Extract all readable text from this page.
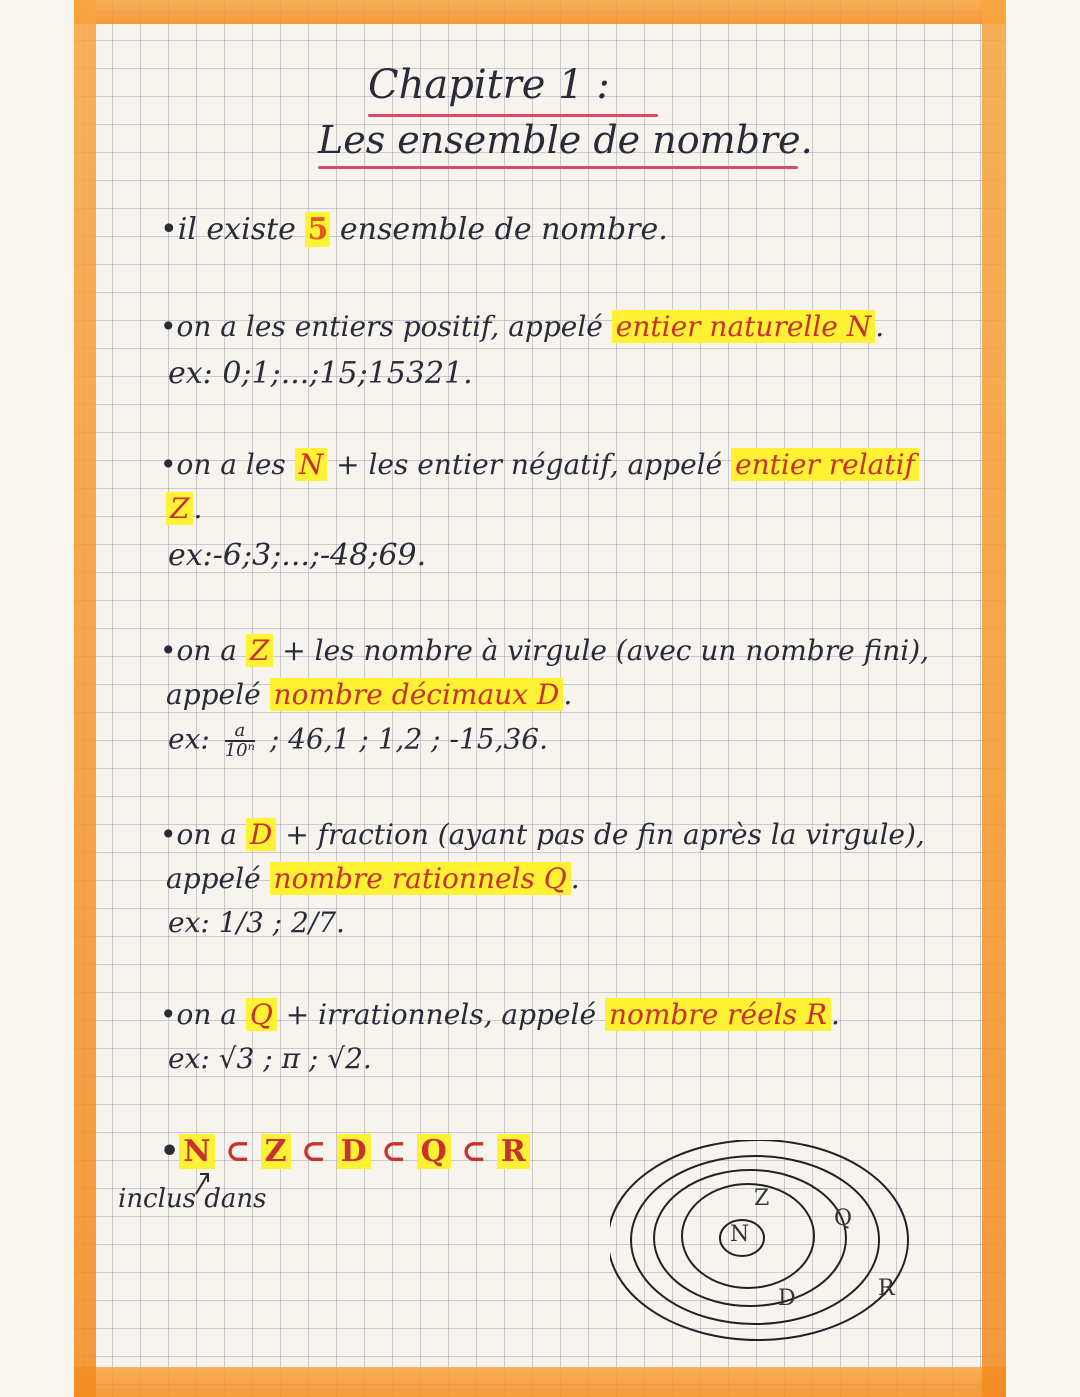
Chapitre 1 :
Les ensemble de nombre.
•il existe 5 ensemble de nombre.
•on a les entiers positif, appelé entier naturelle N .
ex: 0;1;...;15;15321.
•on a les N + les entier négatif, appelé entier relatif
Z .
ex:-6;3;...;-48;69.
•on a Z + les nombre à virgule (avec un nombre fini),
appelé nombre décimaux D .
ex: $\frac{a}{\text{10ⁿ}}$ ; 46,1 ; 1,2 ; -15,36.
•on a D + fraction (ayant pas de fin après la virgule),
appelé nombre rationnels Q .
ex: 1/3 ; 2/7.
•on a Q + irrationnels, appelé nombre réels R .
ex: √3 ; π ; √2.
• N ⊂ Z ⊂ D ⊂ Q ⊂ R
inclus dans
N
Z
D
Q
R
